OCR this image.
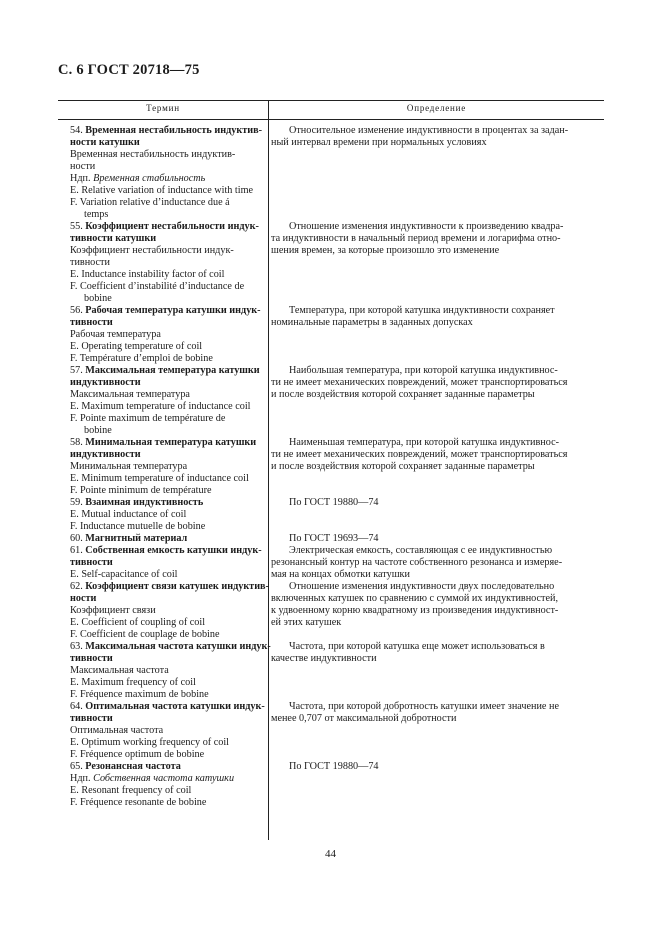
С. 6 ГОСТ 20718—75
Термин	Определение
54. Временная нестабильность индуктив-
ности катушки
Временная нестабильность индуктив-
ности
Ндп. Временная стабильность
E. Relative variation of inductance with time
F. Variation relative d’inductance due á
temps
55. Коэффициент нестабильности индук-
тивности катушки
Коэффициент нестабильности индук-
тивности
E. Inductance instability factor of coil
F. Coefficient d’instabilité d’inductance de
bobine
56. Рабочая температура катушки индук-
тивности
Рабочая температура
E. Operating temperature of coil
F. Température d’emploi de bobine
57. Максимальная температура катушки
индуктивности
Максимальная температура
E. Maximum temperature of inductance coil
F. Pointe maximum de température de
bobine
58. Минимальная температура катушки
индуктивности
Минимальная температура
E. Minimum temperature of inductance coil
F. Pointe minimum de température
59. Взаимная индуктивность
E. Mutual inductance of coil
F. Inductance mutuelle de bobine
60. Магнитный материал
61. Собственная емкость катушки индук-
тивности
E. Self-capacitance of coil
62. Коэффициент связи катушек индуктив-
ности
Коэффициент связи
E. Coefficient of coupling of coil
F. Coefficient de couplage de bobine
63. Максимальная частота катушки индук-
тивности
Максимальная частота
E. Maximum frequency of coil
F. Fréquence maximum de bobine
64. Оптимальная частота катушки индук-
тивности
Оптимальная частота
E. Optimum working frequency of coil
F. Fréquence optimum de bobine
65. Резонансная частота
Ндп. Собственная частота катушки
E. Resonant frequency of coil
F. Fréquence resonante de bobine
Относительное изменение индуктивности в процентах за задан-
ный интервал времени при нормальных условиях
Отношение изменения индуктивности к произведению квадра-
та индуктивности в начальный период времени и логарифма отно-
шения времен, за которые произошло это изменение
Температура, при которой катушка индуктивности сохраняет
номинальные параметры в заданных допусках
Наибольшая температура, при которой катушка индуктивнос-
ти не имеет механических повреждений, может транспортироваться
и после воздействия которой сохраняет заданные параметры
Наименьшая температура, при которой катушка индуктивнос-
ти не имеет механических повреждений, может транспортироваться
и после воздействия которой сохраняет заданные параметры
По ГОСТ 19880—74
По ГОСТ 19693—74
Электрическая емкость, составляющая с ее индуктивностью
резонансный контур на частоте собственного резонанса и измеряе-
мая на концах обмотки катушки
Отношение изменения индуктивности двух последовательно
включенных катушек по сравнению с суммой их индуктивностей,
к удвоенному корню квадратному из произведения индуктивност-
ей этих катушек
Частота, при которой катушка еще может использоваться в
качестве индуктивности
Частота, при которой добротность катушки имеет значение не
менее 0,707 от максимальной добротности
По ГОСТ 19880—74
44
